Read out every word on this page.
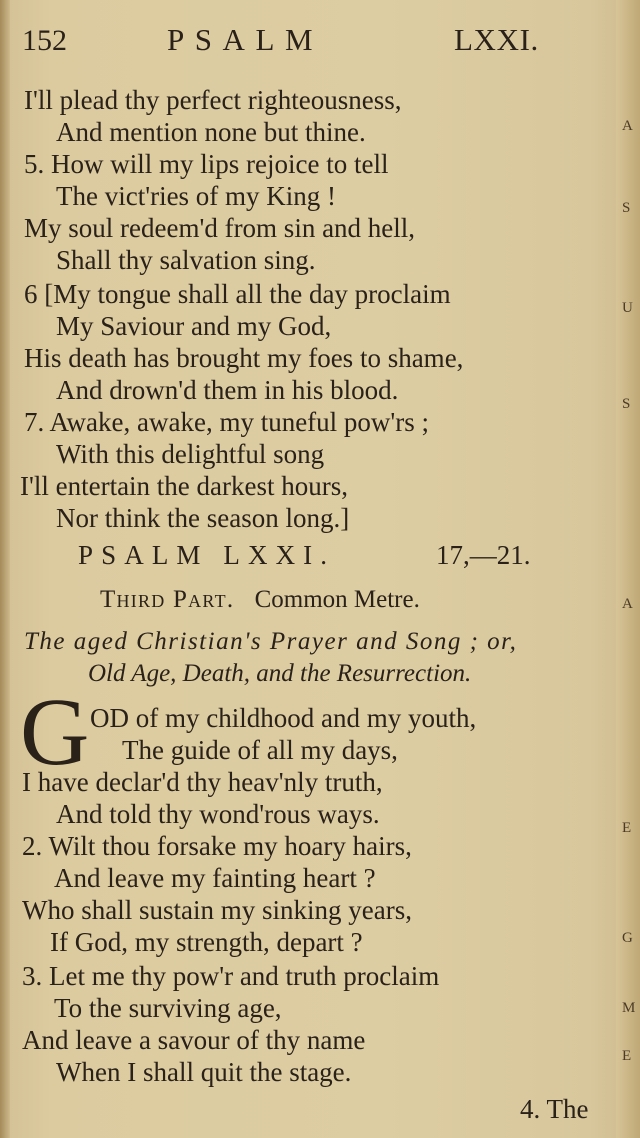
A
U
S
A
G
M
E
S
E
152	PSALM	LXXI.
I'll plead thy perfect righteousness,
And mention none but thine.
5. How will my lips rejoice to tell
The vict'ries of my King !
My soul redeem'd from sin and hell,
Shall thy salvation sing.
6 [My tongue shall all the day proclaim
My Saviour and my God,
His death has brought my foes to shame,
And drown'd them in his blood.
7. Awake, awake, my tuneful pow'rs ;
With this delightful song
I'll entertain the darkest hours,
Nor think the season long.]
PSALM LXXI.	17,—21.
Third Part. Common Metre.
The aged Christian's Prayer and Song ; or,
Old Age, Death, and the Resurrection.
G OD of my childhood and my youth,
The guide of all my days,
I have declar'd thy heav'nly truth,
And told thy wond'rous ways.
2. Wilt thou forsake my hoary hairs,
And leave my fainting heart ?
Who shall sustain my sinking years,
If God, my strength, depart ?
3. Let me thy pow'r and truth proclaim
To the surviving age,
And leave a savour of thy name
When I shall quit the stage.
4. The
